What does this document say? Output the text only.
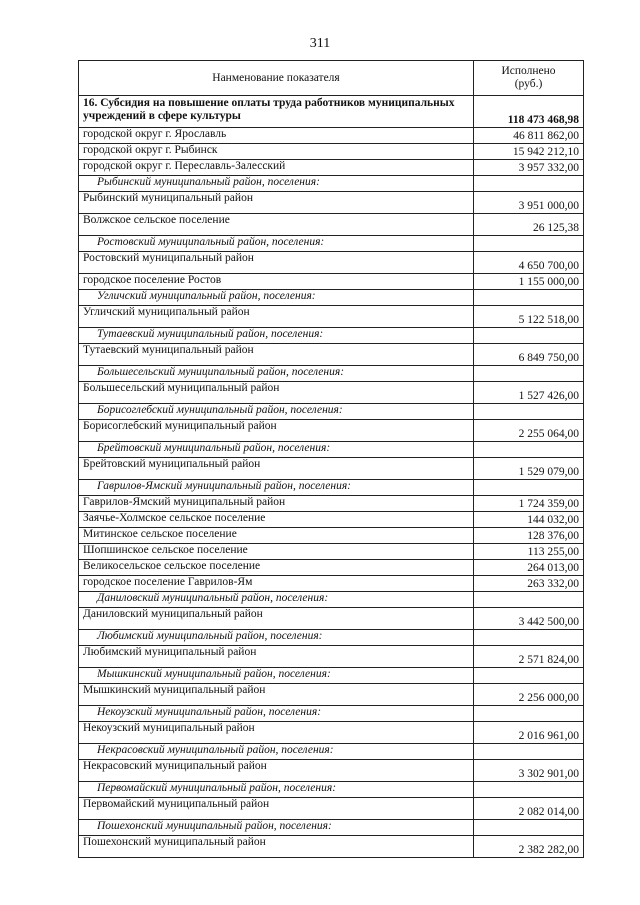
311
Нанменование показателя	Исполнено
(руб.)

16. Субсидия на повышение оплаты труда работников муниципальных учреждений в сфере культуры	118 473 468,98
городской округ г. Ярославль	46 811 862,00
городской округ г. Рыбинск	15 942 212,10
городской округ г. Переславль-Залесский	3 957 332,00
Рыбинский муниципальный район, поселения:	
Рыбинский муниципальный район	3 951 000,00
Волжское сельское поселение	26 125,38
Ростовский муниципальный район, поселения:	
Ростовский муниципальный район	4 650 700,00
городское поселение Ростов	1 155 000,00
Угличский муниципальный район, поселения:	
Угличский муниципальный район	5 122 518,00
Тутаевский муниципальный район, поселения:	
Тутаевский муниципальный район	6 849 750,00
Большесельский муниципальный район, поселения:	
Большесельский муниципальный район	1 527 426,00
Борисоглебский муниципальный район, поселения:	
Борисоглебский муниципальный район	2 255 064,00
Брейтовский муниципальный район, поселения:	
Брейтовский муниципальный район	1 529 079,00
Гаврилов-Ямский муниципальный район, поселения:	
Гаврилов-Ямский муниципальный район	1 724 359,00
Заячье-Холмское сельское поселение	144 032,00
Митинское сельское поселение	128 376,00
Шопшинское сельское поселение	113 255,00
Великосельское сельское поселение	264 013,00
городское поселение Гаврилов-Ям	263 332,00
Даниловский муниципальный район, поселения:	
Даниловский муниципальный район	3 442 500,00
Любимский муниципальный район, поселения:	
Любимский муниципальный район	2 571 824,00
Мышкинский муниципальный район, поселения:	
Мышкинский муниципальный район	2 256 000,00
Некоузский муниципальный район, поселения:	
Некоузский муниципальный район	2 016 961,00
Некрасовский муниципальный район, поселения:	
Некрасовский муниципальный район	3 302 901,00
Первомайский муниципальный район, поселения:	
Первомайский муниципальный район	2 082 014,00
Пошехонский муниципальный район, поселения:	
Пошехонский муниципальный район	2 382 282,00
